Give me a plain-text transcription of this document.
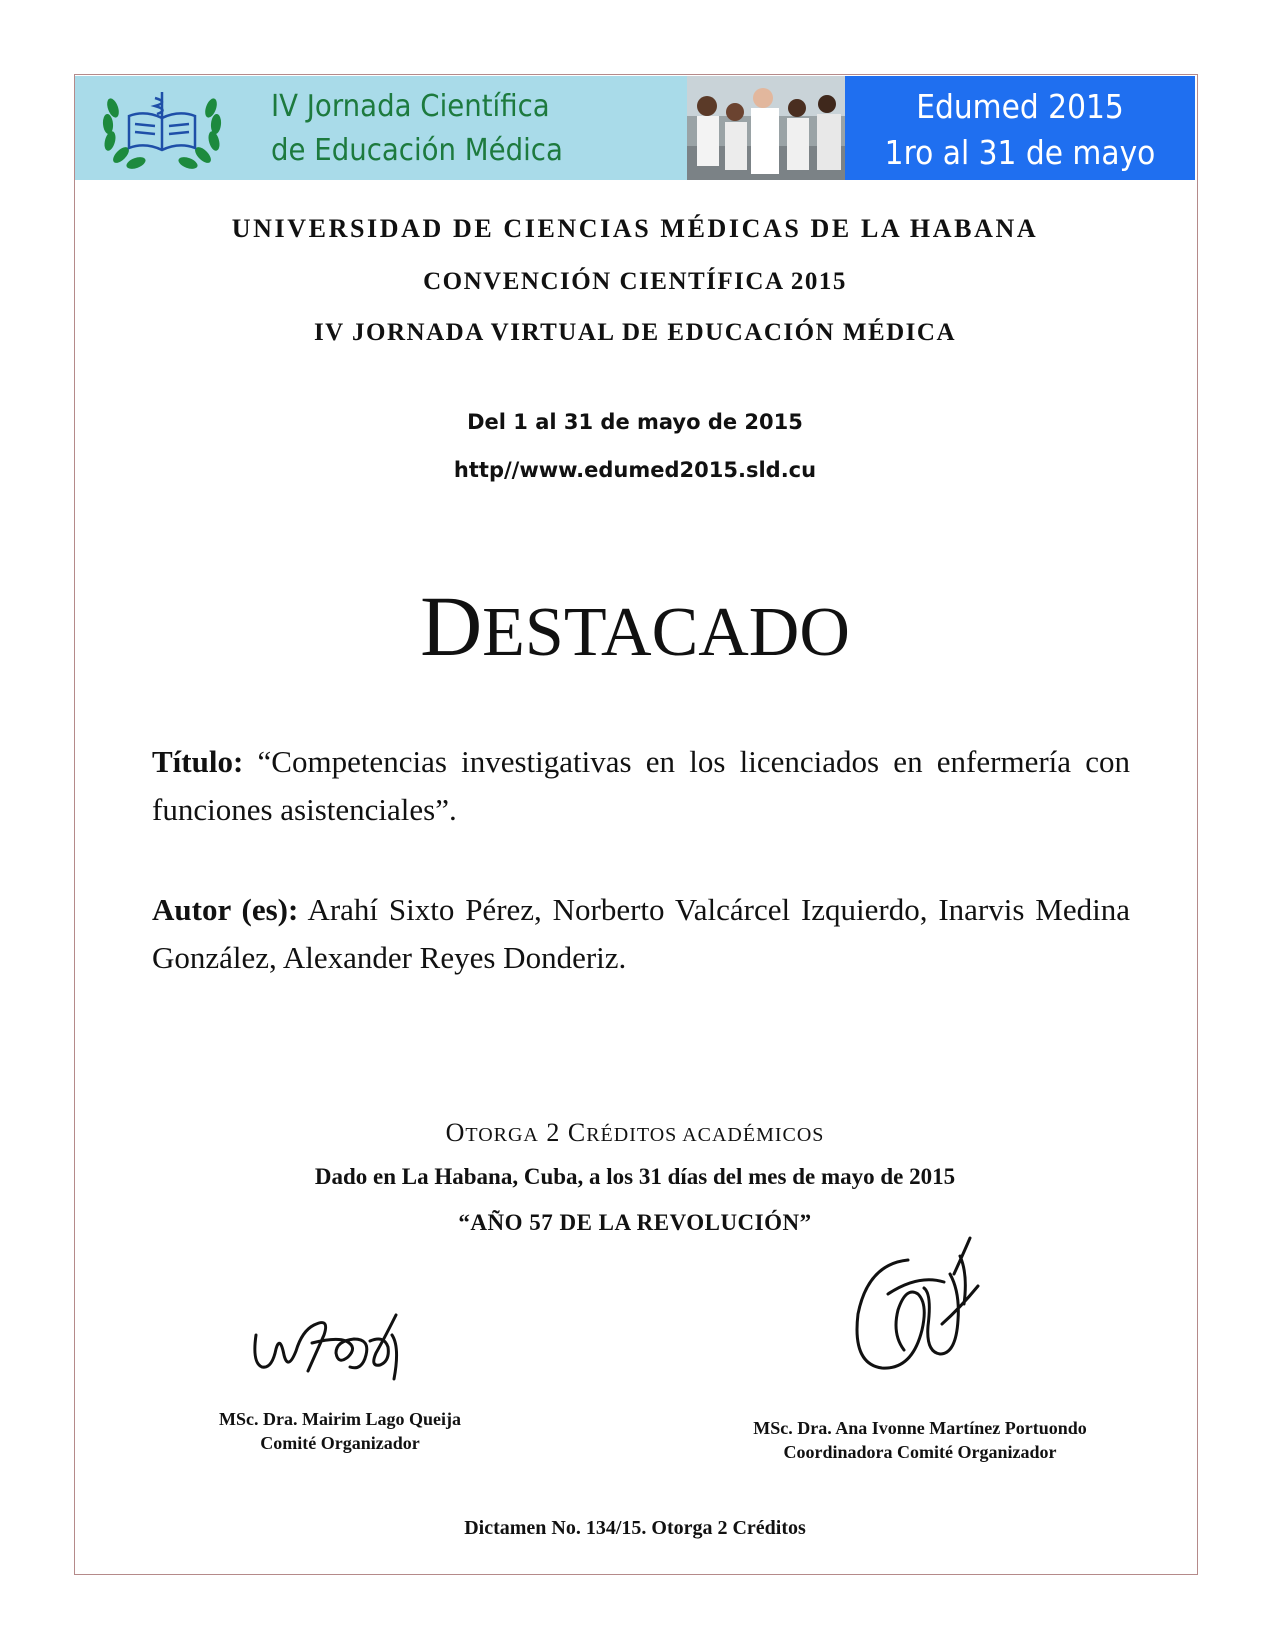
IV Jornada Científica
de Educación Médica
Edumed 2015
1ro al 31 de mayo
UNIVERSIDAD DE CIENCIAS MÉDICAS DE LA HABANA
CONVENCIÓN CIENTÍFICA 2015
IV JORNADA VIRTUAL DE EDUCACIÓN MÉDICA
Del 1 al 31 de mayo de 2015
http//www.edumed2015.sld.cu
DESTACADO
Título: “Competencias investigativas en los licenciados en enfermería con funciones asistenciales”.
Autor (es): Arahí Sixto Pérez, Norberto Valcárcel Izquierdo, Inarvis Medina González, Alexander Reyes Donderiz.
OTORGA 2 CRÉDITOS ACADÉMICOS
Dado en La Habana, Cuba, a los 31 días del mes de mayo de 2015
“AÑO 57 DE LA REVOLUCIÓN”
MSc. Dra. Mairim Lago Queija
Comité Organizador
MSc. Dra. Ana Ivonne Martínez Portuondo
Coordinadora Comité Organizador
Dictamen No. 134/15. Otorga 2 Créditos
